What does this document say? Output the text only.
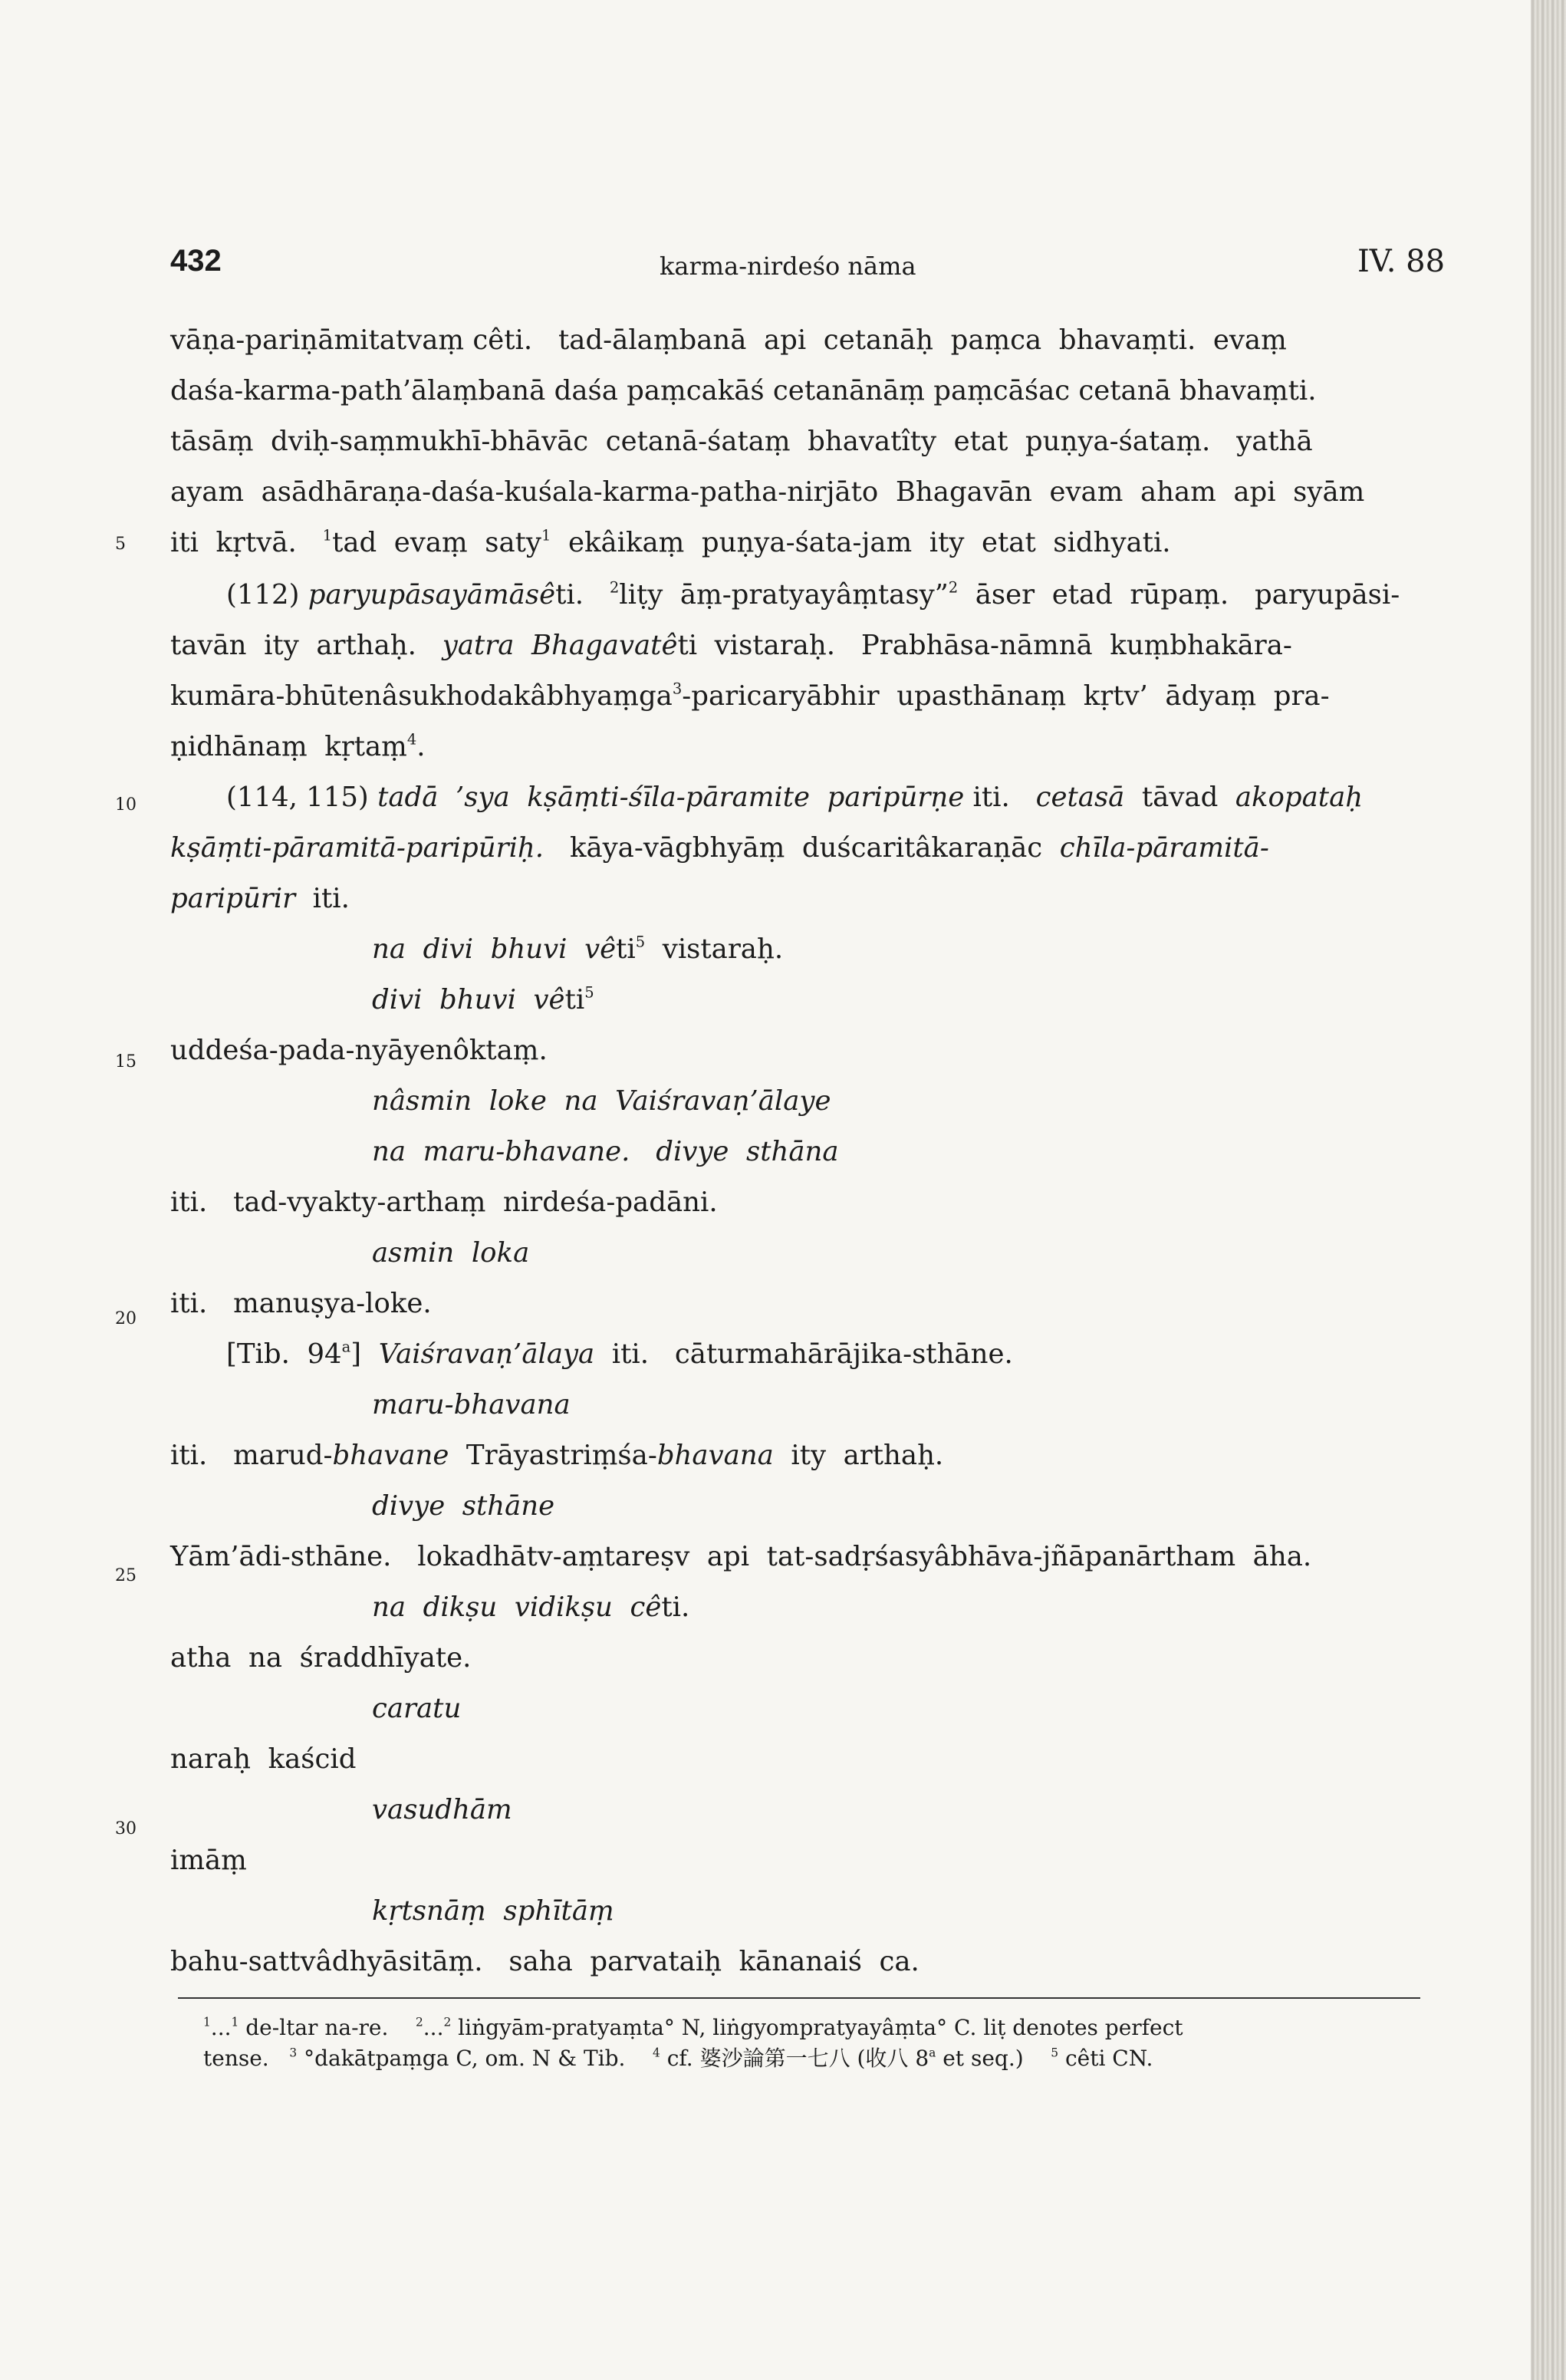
432	karma-nirdeśo nāma	IV. 88
5
10
15
20
25
30
vāṇa-pariṇāmitatvaṃ cêti.   tad-ālaṃbanā  api  cetanāḥ  paṃca  bhavaṃti.  evaṃ
daśa-karma-path’ālaṃbanā daśa paṃcakāś cetanānāṃ paṃcāśac cetanā bhavaṃti.
tāsāṃ  dviḥ-saṃmukhī-bhāvāc  cetanā-śataṃ  bhavatîty  etat  puṇya-śataṃ.   yathā
ayam  asādhāraṇa-daśa-kuśala-karma-patha-nirjāto  Bhagavān  evam  aham  api  syām
iti  kṛtvā.   $^1$tad  evaṃ  saty$^1$  ekâikaṃ  puṇya-śata-jam  ity  etat  sidhyati.
(112) paryupāsayāmāsêti.   $^2$liṭy  āṃ-pratyayâṃtasy”$^2$  āser  etad  rūpaṃ.   paryupāsi-
tavān  ity  arthaḥ.   yatra  Bhagavatêti  vistaraḥ.   Prabhāsa-nāmnā  kuṃbhakāra-
kumāra-bhūtenâsukhodakâbhyaṃga$^3$-paricaryābhir  upasthānaṃ  kṛtv’  ādyaṃ  pra-
ṇidhānaṃ  kṛtaṃ$^4$.
(114, 115) tadā  ’sya  kṣāṃti-śīla-pāramite  paripūrṇe iti.   cetasā  tāvad  akopataḥ
kṣāṃti-pāramitā-paripūriḥ.   kāya-vāgbhyāṃ  duścaritâkaraṇāc  chīla-pāramitā-
paripūrir  iti.
na  divi  bhuvi  vêti$^5$  vistaraḥ.
divi  bhuvi  vêti$^5$
uddeśa-pada-nyāyenôktaṃ.
nâsmin  loke  na  Vaiśravaṇ’ālaye
na  maru-bhavane.   divye  sthāna
iti.   tad-vyakty-arthaṃ  nirdeśa-padāni.
asmin  loka
iti.   manuṣya-loke.
[Tib.  94$^a$]  Vaiśravaṇ’ālaya  iti.   cāturmahārājika-sthāne.
maru-bhavana
iti.   marud-bhavane  Trāyastriṃśa-bhavana  ity  arthaḥ.
divye  sthāne
Yām’ādi-sthāne.   lokadhātv-aṃtareṣv  api  tat-sadṛśasyâbhāva-jñāpanārtham  āha.
na  dikṣu  vidikṣu  cêti.
atha  na  śraddhīyate.
caratu
naraḥ  kaścid
vasudhām
imāṃ
kṛtsnāṃ  sphītāṃ
bahu-sattvâdhyāsitāṃ.   saha  parvataiḥ  kānanaiś  ca.
$^1$...$^1$ de-ltar na-re.    $^2$...$^2$ liṅgyām-pratyaṃta° N, liṅgyompratyayâṃta° C. liṭ denotes perfect
tense.   $^3$ °dakātpaṃga C, om. N & Tib.    $^4$ cf. 婆沙論第一七八 (收八 8$^a$ et seq.)    $^5$ cêti CN.
